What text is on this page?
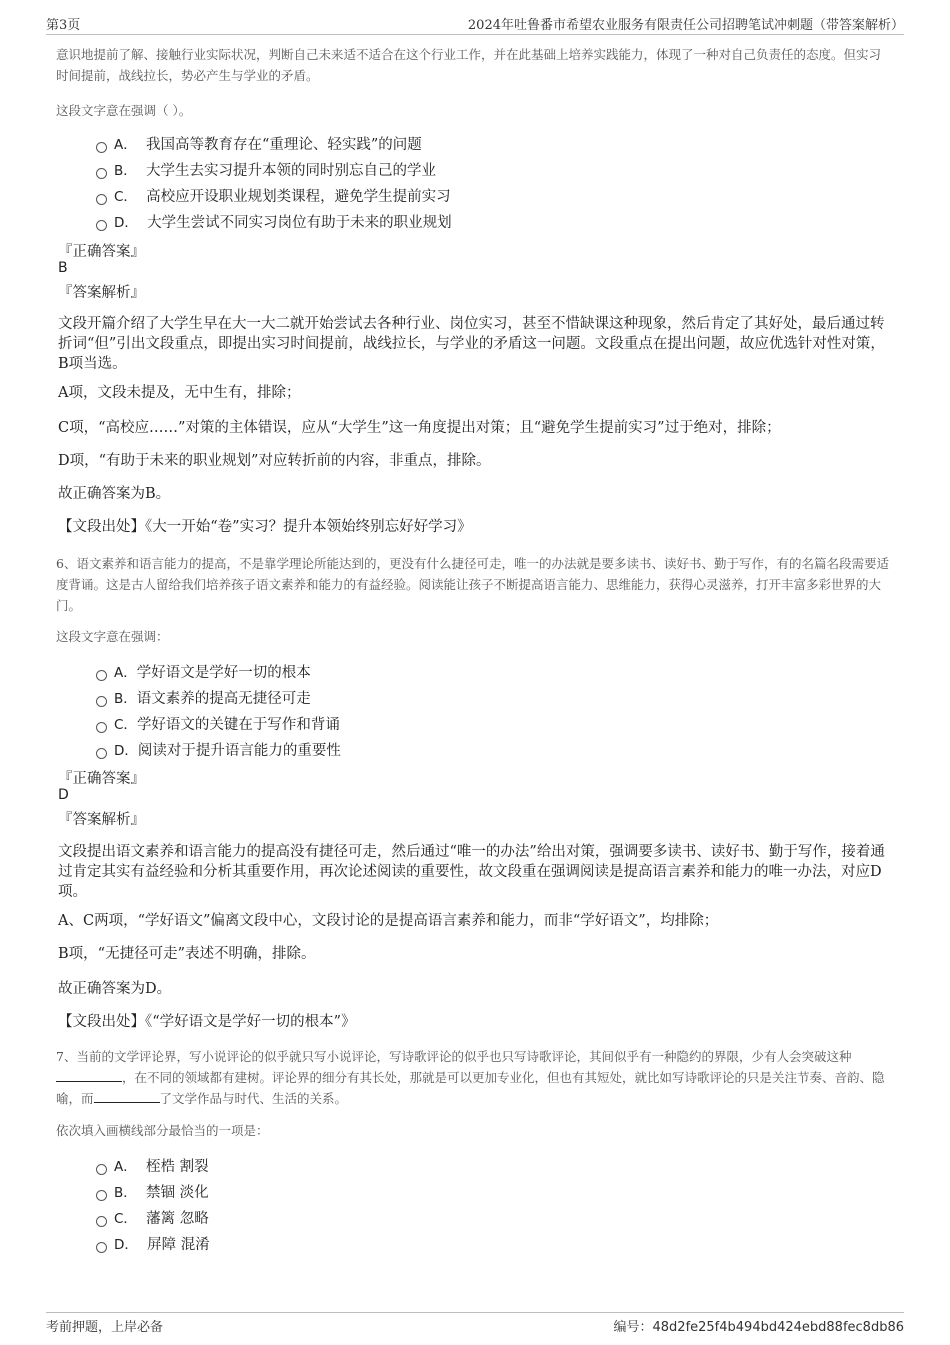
第3页	2024年吐鲁番市希望农业服务有限责任公司招聘笔试冲刺题（带答案解析）

意识地提前了解、接触行业实际状况，判断自己未来适不适合在这个行业工作，并在此基础上培养实践能力，体现了一种对自己负责任的态度。但实习时间提前，战线拉长，势必产生与学业的矛盾。

这段文字意在强调（ ）。

A． 我国高等教育存在“重理论、轻实践”的问题
B． 大学生去实习提升本领的同时别忘自己的学业
C． 高校应开设职业规划类课程，避免学生提前实习
D． 大学生尝试不同实习岗位有助于未来的职业规划

『正确答案』

B

『答案解析』

文段开篇介绍了大学生早在大一大二就开始尝试去各种行业、岗位实习，甚至不惜缺课这种现象，然后肯定了其好处，最后通过转折词“但”引出文段重点，即提出实习时间提前，战线拉长，与学业的矛盾这一问题。文段重点在提出问题，故应优选针对性对策，B项当选。

A项，文段未提及，无中生有，排除；

C项，“高校应……”对策的主体错误，应从“大学生”这一角度提出对策；且“避免学生提前实习”过于绝对，排除；

D项，“有助于未来的职业规划”对应转折前的内容，非重点，排除。

故正确答案为B。

【文段出处】《大一开始“卷”实习？提升本领始终别忘好好学习》

6、语文素养和语言能力的提高，不是靠学理论所能达到的，更没有什么捷径可走，唯一的办法就是要多读书、读好书、勤于写作，有的名篇名段需要适度背诵。这是古人留给我们培养孩子语文素养和能力的有益经验。阅读能让孩子不断提高语言能力、思维能力，获得心灵滋养，打开丰富多彩世界的大门。

这段文字意在强调：

A．学好语文是学好一切的根本
B．语文素养的提高无捷径可走
C．学好语文的关键在于写作和背诵
D．阅读对于提升语言能力的重要性

『正确答案』

D

『答案解析』

文段提出语文素养和语言能力的提高没有捷径可走，然后通过“唯一的办法”给出对策，强调要多读书、读好书、勤于写作，接着通过肯定其实有益经验和分析其重要作用，再次论述阅读的重要性，故文段重在强调阅读是提高语言素养和能力的唯一办法，对应D项。

A、C两项，“学好语文”偏离文段中心，文段讨论的是提高语言素养和能力，而非“学好语文”，均排除；

B项，“无捷径可走”表述不明确，排除。

故正确答案为D。

【文段出处】《“学好语文是学好一切的根本”》

7、当前的文学评论界，写小说评论的似乎就只写小说评论，写诗歌评论的似乎也只写诗歌评论，其间似乎有一种隐约的界限，少有人会突破这种，在不同的领域都有建树。评论界的细分有其长处，那就是可以更加专业化，但也有其短处，就比如写诗歌评论的只是关注节奏、音韵、隐喻，而	了文学作品与时代、生活的关系。

依次填入画横线部分最恰当的一项是：

A． 桎梏 割裂
B． 禁锢 淡化
C． 藩篱 忽略
D． 屏障 混淆
考前押题，上岸必备	编号：48d2fe25f4b494bd424ebd88fec8db86
